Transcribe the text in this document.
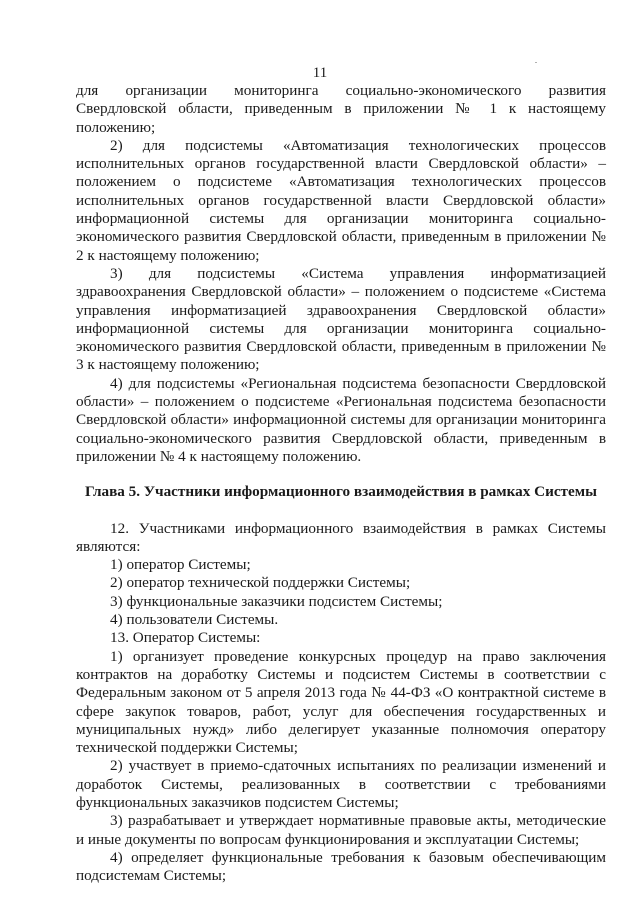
11

для организации мониторинга социально-экономического развития Свердловской области, приведенным в приложении № 1 к настоящему положению;

2) для подсистемы «Автоматизация технологических процессов исполнительных органов государственной власти Свердловской области» – положением о подсистеме «Автоматизация технологических процессов исполнительных органов государственной власти Свердловской области» информационной системы для организации мониторинга социально-экономического развития Свердловской области, приведенным в приложении № 2 к настоящему положению;

3) для подсистемы «Система управления информатизацией здравоохранения Свердловской области» – положением о подсистеме «Система управления информатизацией здравоохранения Свердловской области» информационной системы для организации мониторинга социально-экономического развития Свердловской области, приведенным в приложении № 3 к настоящему положению;

4) для подсистемы «Региональная подсистема безопасности Свердловской области» – положением о подсистеме «Региональная подсистема безопасности Свердловской области» информационной системы для организации мониторинга социально-экономического развития Свердловской области, приведенным в приложении № 4 к настоящему положению.

Глава 5. Участники информационного взаимодействия в рамках Системы

12. Участниками информационного взаимодействия в рамках Системы являются:

1) оператор Системы;

2) оператор технической поддержки Системы;

3) функциональные заказчики подсистем Системы;

4) пользователи Системы.

13. Оператор Системы:

1) организует проведение конкурсных процедур на право заключения контрактов на доработку Системы и подсистем Системы в соответствии с Федеральным законом от 5 апреля 2013 года № 44-ФЗ «О контрактной системе в сфере закупок товаров, работ, услуг для обеспечения государственных и муниципальных нужд» либо делегирует указанные полномочия оператору технической поддержки Системы;

2) участвует в приемо-сдаточных испытаниях по реализации изменений и доработок Системы, реализованных в соответствии с требованиями функциональных заказчиков подсистем Системы;

3) разрабатывает и утверждает нормативные правовые акты, методические и иные документы по вопросам функционирования и эксплуатации Системы;

4) определяет функциональные требования к базовым обеспечивающим подсистемам Системы;
